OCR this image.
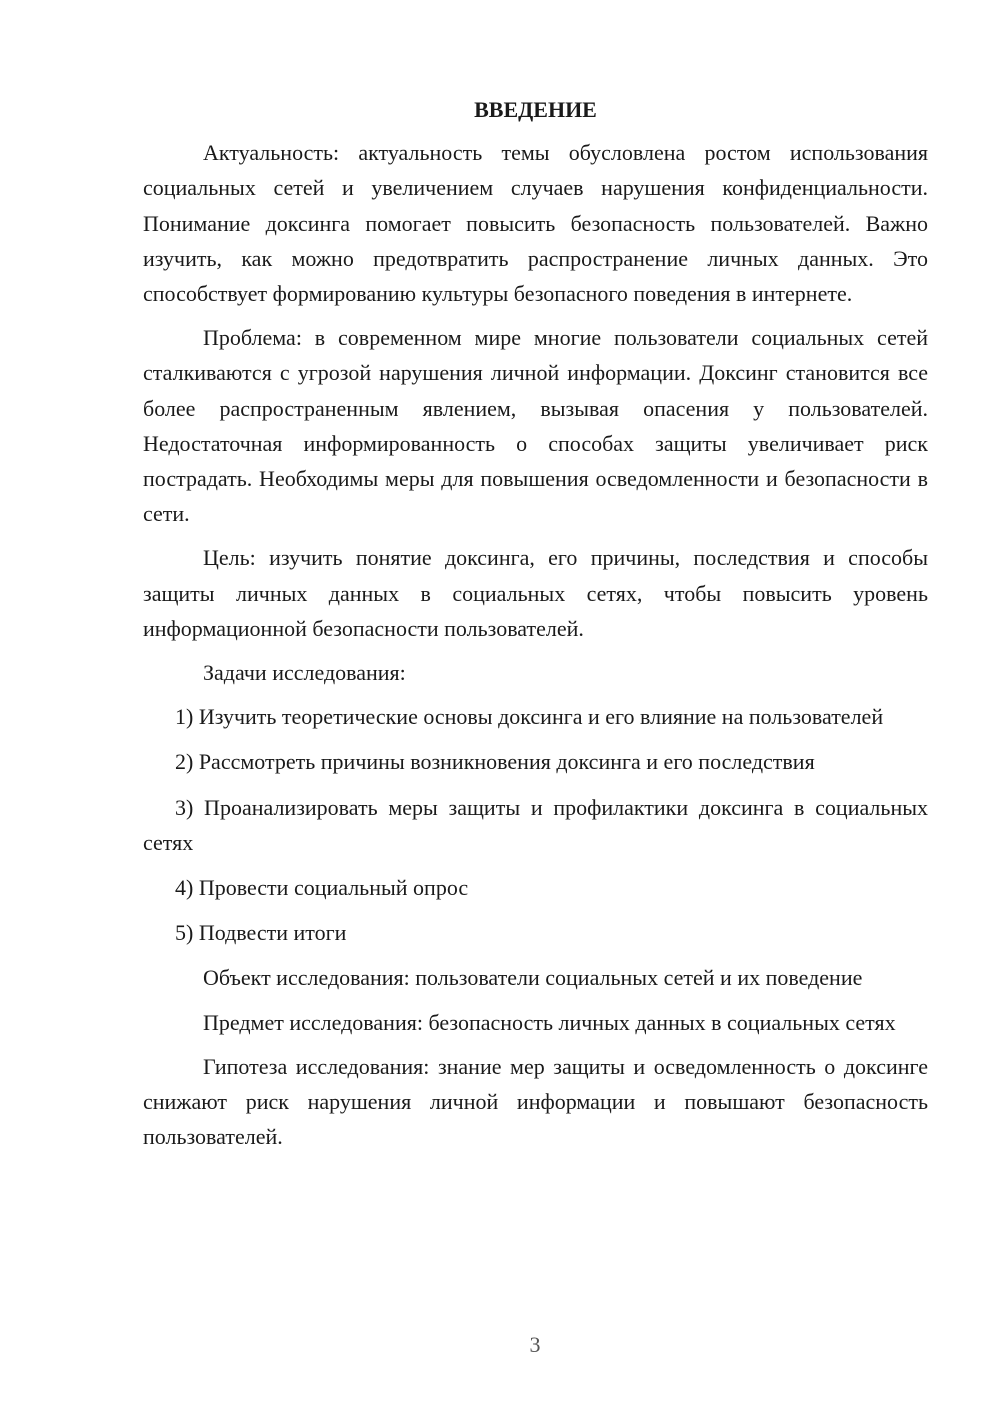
ВВЕДЕНИЕ

Актуальность: актуальность темы обусловлена ростом использования социальных сетей и увеличением случаев нарушения конфиденциальности. Понимание доксинга помогает повысить безопасность пользователей. Важно изучить, как можно предотвратить распространение личных данных. Это способствует формированию культуры безопасного поведения в интернете.

Проблема: в современном мире многие пользователи социальных сетей сталкиваются с угрозой нарушения личной информации. Доксинг становится все более распространенным явлением, вызывая опасения у пользователей. Недостаточная информированность о способах защиты увеличивает риск пострадать. Необходимы меры для повышения осведомленности и безопасности в сети.

Цель: изучить понятие доксинга, его причины, последствия и способы защиты личных данных в социальных сетях, чтобы повысить уровень информационной безопасности пользователей.

Задачи исследования:

1) Изучить теоретические основы доксинга и его влияние на пользователей

2) Рассмотреть причины возникновения доксинга и его последствия

3) Проанализировать меры защиты и профилактики доксинга в социальных сетях

4) Провести социальный опрос

5) Подвести итоги

Объект исследования: пользователи социальных сетей и их поведение

Предмет исследования: безопасность личных данных в социальных сетях

Гипотеза исследования: знание мер защиты и осведомленность о доксинге снижают риск нарушения личной информации и повышают безопасность пользователей.

3
